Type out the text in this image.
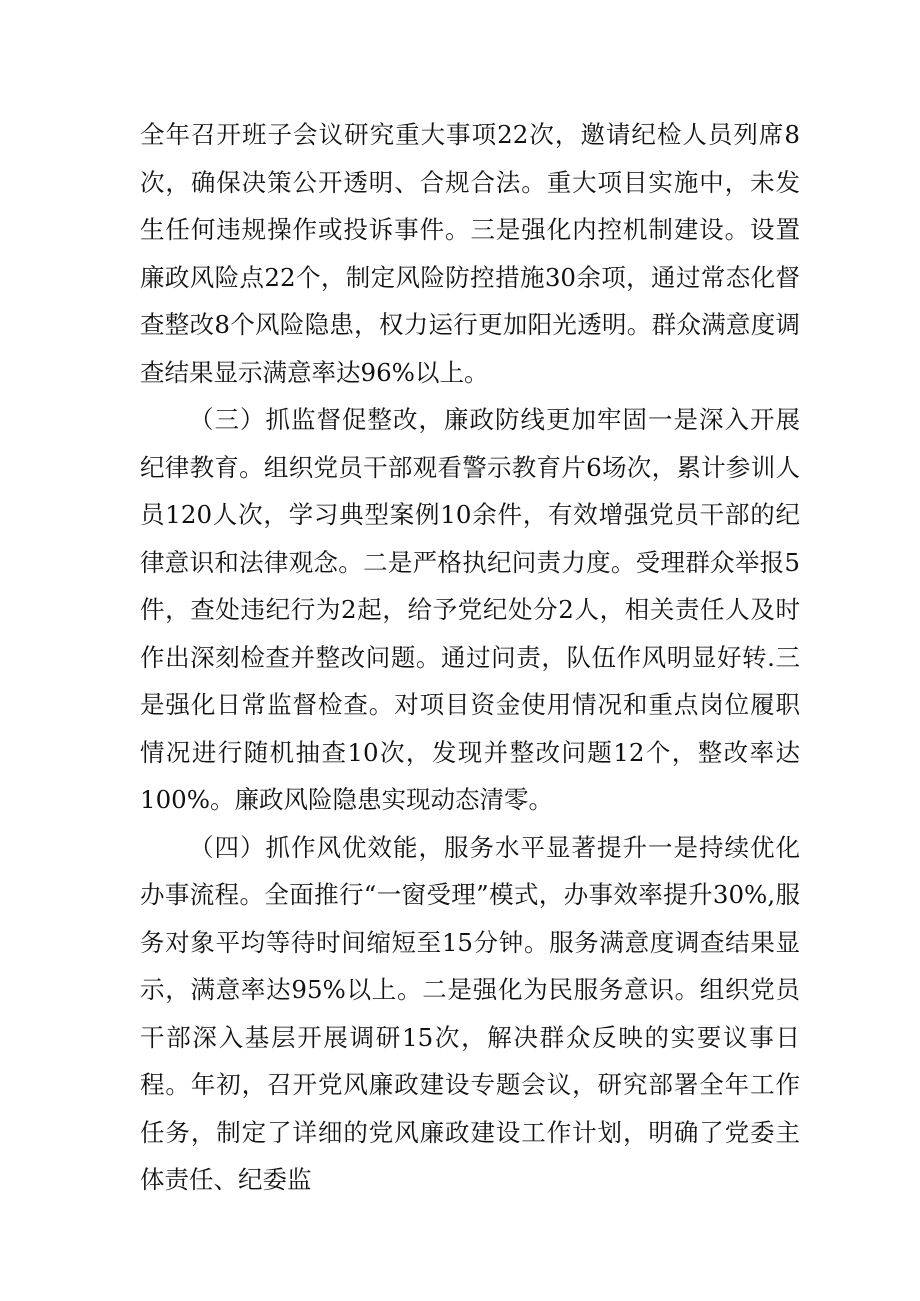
全年召开班子会议研究重大事项22次，邀请纪检人员列席8次，确保决策公开透明、合规合法。重大项目实施中，未发生任何违规操作或投诉事件。三是强化内控机制建设。设置廉政风险点22个，制定风险防控措施30余项，通过常态化督查整改8个风险隐患，权力运行更加阳光透明。群众满意度调查结果显示满意率达96%以上。

（三）抓监督促整改，廉政防线更加牢固一是深入开展纪律教育。组织党员干部观看警示教育片6场次，累计参训人员120人次，学习典型案例10余件，有效增强党员干部的纪律意识和法律观念。二是严格执纪问责力度。受理群众举报5件，查处违纪行为2起，给予党纪处分2人，相关责任人及时作出深刻检查并整改问题。通过问责，队伍作风明显好转.三是强化日常监督检查。对项目资金使用情况和重点岗位履职情况进行随机抽查10次，发现并整改问题12个，整改率达100%。廉政风险隐患实现动态清零。

（四）抓作风优效能，服务水平显著提升一是持续优化办事流程。全面推行“一窗受理”模式，办事效率提升30%,服务对象平均等待时间缩短至15分钟。服务满意度调查结果显示，满意率达95%以上。二是强化为民服务意识。组织党员干部深入基层开展调研15次，解决群众反映的实要议事日程。年初，召开党风廉政建设专题会议，研究部署全年工作任务，制定了详细的党风廉政建设工作计划，明确了党委主体责任、纪委监
